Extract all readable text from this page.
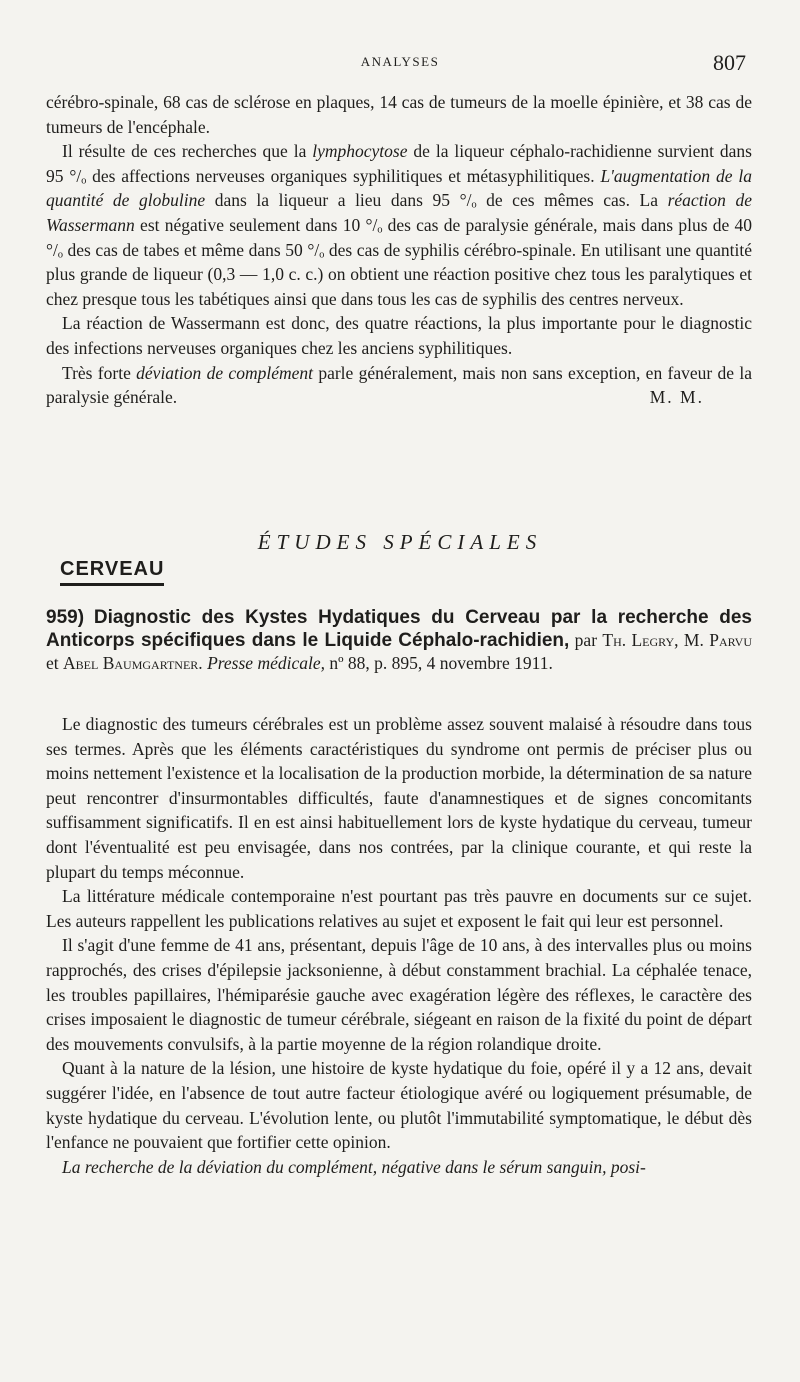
ANALYSES	807

cérébro-spinale, 68 cas de sclérose en plaques, 14 cas de tumeurs de la moelle épinière, et 38 cas de tumeurs de l'encéphale.

Il résulte de ces recherches que la lymphocytose de la liqueur céphalo-rachidienne survient dans 95 °/ₒ des affections nerveuses organiques syphilitiques et métasyphilitiques. L'augmentation de la quantité de globuline dans la liqueur a lieu dans 95 °/ₒ de ces mêmes cas. La réaction de Wassermann est négative seulement dans 10 °/ₒ des cas de paralysie générale, mais dans plus de 40 °/ₒ des cas de tabes et même dans 50 °/ₒ des cas de syphilis cérébro-spinale. En utilisant une quantité plus grande de liqueur (0,3 — 1,0 c. c.) on obtient une réaction positive chez tous les paralytiques et chez presque tous les tabétiques ainsi que dans tous les cas de syphilis des centres nerveux.

La réaction de Wassermann est donc, des quatre réactions, la plus importante pour le diagnostic des infections nerveuses organiques chez les anciens syphilitiques.

Très forte déviation de complément parle généralement, mais non sans exception, en faveur de la paralysie générale.	M. M.

ÉTUDES SPÉCIALES
CERVEAU
959) Diagnostic des Kystes Hydatiques du Cerveau par la recherche des Anticorps spécifiques dans le Liquide Céphalo-rachidien, par Th. Legry, M. Parvu et Abel Baumgartner. Presse médicale, nº 88, p. 895, 4 novembre 1911.

Le diagnostic des tumeurs cérébrales est un problème assez souvent malaisé à résoudre dans tous ses termes. Après que les éléments caractéristiques du syndrome ont permis de préciser plus ou moins nettement l'existence et la localisation de la production morbide, la détermination de sa nature peut rencontrer d'insurmontables difficultés, faute d'anamnestiques et de signes concomitants suffisamment significatifs. Il en est ainsi habituellement lors de kyste hydatique du cerveau, tumeur dont l'éventualité est peu envisagée, dans nos contrées, par la clinique courante, et qui reste la plupart du temps méconnue.

La littérature médicale contemporaine n'est pourtant pas très pauvre en documents sur ce sujet. Les auteurs rappellent les publications relatives au sujet et exposent le fait qui leur est personnel.

Il s'agit d'une femme de 41 ans, présentant, depuis l'âge de 10 ans, à des intervalles plus ou moins rapprochés, des crises d'épilepsie jacksonienne, à début constamment brachial. La céphalée tenace, les troubles papillaires, l'hémiparésie gauche avec exagération légère des réflexes, le caractère des crises imposaient le diagnostic de tumeur cérébrale, siégeant en raison de la fixité du point de départ des mouvements convulsifs, à la partie moyenne de la région rolandique droite.

Quant à la nature de la lésion, une histoire de kyste hydatique du foie, opéré il y a 12 ans, devait suggérer l'idée, en l'absence de tout autre facteur étiologique avéré ou logiquement présumable, de kyste hydatique du cerveau. L'évolution lente, ou plutôt l'immutabilité symptomatique, le début dès l'enfance ne pouvaient que fortifier cette opinion.

La recherche de la déviation du complément, négative dans le sérum sanguin, posi-
